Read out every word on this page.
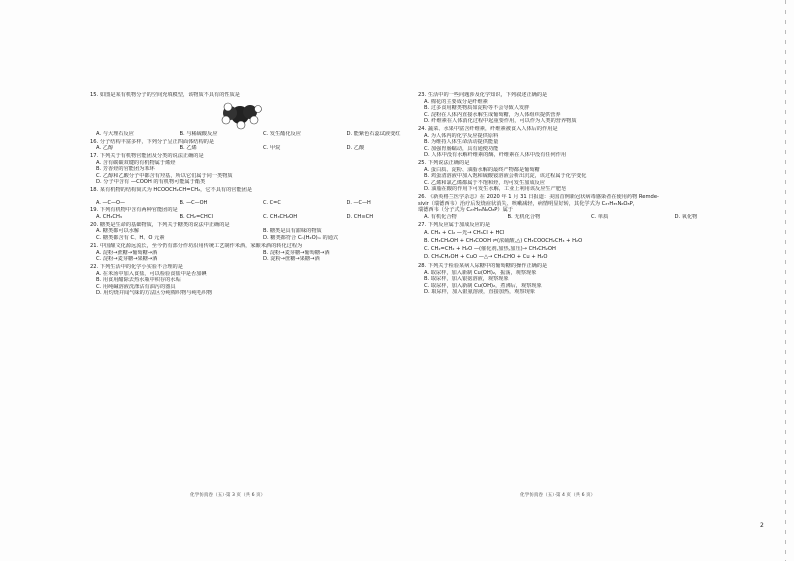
15. 如图是某有机物分子的空间充填模型，该物质不具有的性质是
A. 与大理石反应	B. 与稀硫酸反应	C. 发生酯化反应	D. 能紫色石蕊试液变红
16. 分子结构丰富多样，下列分子呈正四面体结构的是
A. 乙醇	B. 乙烯	C. 甲烷	D. 乙酸
17. 下列关于有机物官能团及分类的说法正确的是
A. 含有碳碳双键的有机物属于烯烃
B. 芳香烃的官能团为苯环
C. 乙醇和乙酸分子中都含有羟基，所以它们属于同一类物质
D. 分子中含有 —COOH 的有机物可能属于酯类
18. 某有机物的结构简式为 HCOOCH₂CH=CH₂，它不具有的官能团是
A. —C—O—	B. —C—OH	C. C=C	D. —C—H
19. 下列有机物中含有两种官能团的是
A. CH₃CH₃	B. CH₂=CHCl	C. CH₃CH₂OH	D. CH≡CH
20. 糖类是生命的基础物质，下列关于糖类的说法中正确的是
A. 糖类都可以水解	B. 糖类是具有甜味的物质
C. 糖类都含有 C、H、O 元素	D. 糖类都符合 Cₙ(H₂O)ₘ 的通式
21. 中国酿文化源远流长，至今仍有部分作坊沿用传统工艺制作米酒，家酿米酒的转化过程为
A. 淀粉→蔗糖→葡萄糖→酒	B. 淀粉→麦芽糖→葡萄糖→酒
C. 淀粉→麦芽糖→果糖→酒	D. 淀粉→蔗糖→果糖→酒
22. 下列生活中的化学小实验不合理的是
A. 在米汤中加入食盐，可以检验食盐中是否加碘
B. 用食用醋除去热水瓶中积存的水垢
C. 用纯碱溶液洗涤沾有油污的器具
D. 用灼烧并闻气味的方法区分纯棉织物与纯毛织物
23. 生活中的一些问题涉及化学知识，下列叙述正确的是
A. 棉花的主要成分是纤维素
B. 过多食用糖类物质如淀粉等不会导致人发胖
C. 淀粉在人体内直接水解生成葡萄糖，为人体组织提供营养
D. 纤维素在人体消化过程中起重要作用，可以作为人类的营养物质
24. 蔬菜、水果中富含纤维素，纤维素被食入人体后的作用是
A. 为人体内的化学反应提供原料
B. 为维持人体生命活动提供能量
C. 加强胃肠蠕动，具有通便功能
D. 人体中没有水解纤维素的酶，纤维素在人体中没有任何作用
25. 下列说法正确的是
A. 蛋白质、淀粉、油脂水解的最终产物都是葡萄糖
B. 鸡蛋清溶液中加入饱和硫酸铵溶液会析出沉淀，该过程属于化学变化
C. 乙烯和氯乙烯都属于不饱和烃，均可发生加成反应
D. 油脂在酸的作用下可发生水解，工业上利用该反应生产肥皂
26. 《新英格兰医学杂志》在 2020 年 1 月 31 日报道：美国首例新冠状病毒感染者在使用药物 Remde-
sivir（瑞德西韦）治疗后发烧症状消失、咳嗽减轻，病情明显好转，其化学式为 C₂₇H₃₅N₆O₈P，
瑞德西韦（分子式为 C₂₇H₃₅N₆O₈P）属于
A. 有机化合物	B. 无机化合物	C. 单质	D. 氧化物
27. 下列反应属于加成反应的是
A. CH₄ + Cl₂ —光→ CH₃Cl + HCl
B. CH₃CH₂OH + CH₃COOH ⇌(浓硫酸,△) CH₃COOCH₂CH₃ + H₂O
C. CH₂=CH₂ + H₂O —(催化剂,加热,加压)→ CH₃CH₂OH
D. CH₃CH₂OH + CuO —△→ CH₃CHO + Cu + H₂O
28. 下列关于检验某病人尿糖中的葡萄糖的操作正确的是
A. 取尿样，加入新制 Cu(OH)₂，振荡，观察现象
B. 取尿样，加入银氨溶液，观察现象
C. 取尿样，加入新制 Cu(OH)₂，煮沸后，观察现象
D. 取尿样，加入银氨溶液，直接加热，观察现象
化学仿真卷（五）·第 3 页（共 6 页）	化学仿真卷（五）·第 4 页（共 6 页）
2
